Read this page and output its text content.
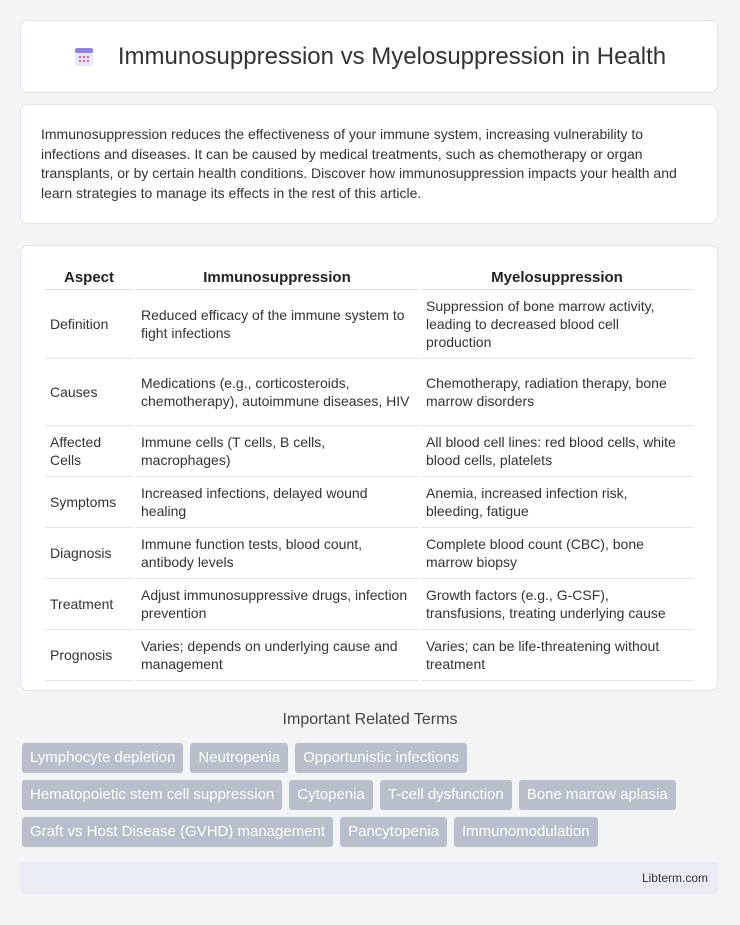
Immunosuppression vs Myelosuppression in Health

Immunosuppression reduces the effectiveness of your immune system, increasing vulnerability to infections and diseases. It can be caused by medical treatments, such as chemotherapy or organ transplants, or by certain health conditions. Discover how immunosuppression impacts your health and learn strategies to manage its effects in the rest of this article.

Aspect	Immunosuppression	Myelosuppression
Definition	Reduced efficacy of the immune system to fight infections	Suppression of bone marrow activity, leading to decreased blood cell production
Causes	Medications (e.g., corticosteroids, chemotherapy), autoimmune diseases, HIV	Chemotherapy, radiation therapy, bone marrow disorders
Affected Cells	Immune cells (T cells, B cells, macrophages)	All blood cell lines: red blood cells, white blood cells, platelets
Symptoms	Increased infections, delayed wound healing	Anemia, increased infection risk, bleeding, fatigue
Diagnosis	Immune function tests, blood count, antibody levels	Complete blood count (CBC), bone marrow biopsy
Treatment	Adjust immunosuppressive drugs, infection prevention	Growth factors (e.g., G-CSF), transfusions, treating underlying cause
Prognosis	Varies; depends on underlying cause and management	Varies; can be life-threatening without treatment
Important Related Terms
Lymphocyte depletion	Neutropenia	Opportunistic infections
Hematopoietic stem cell suppression	Cytopenia	T-cell dysfunction	Bone marrow aplasia
Graft vs Host Disease (GVHD) management	Pancytopenia	Immunomodulation
Libterm.com
